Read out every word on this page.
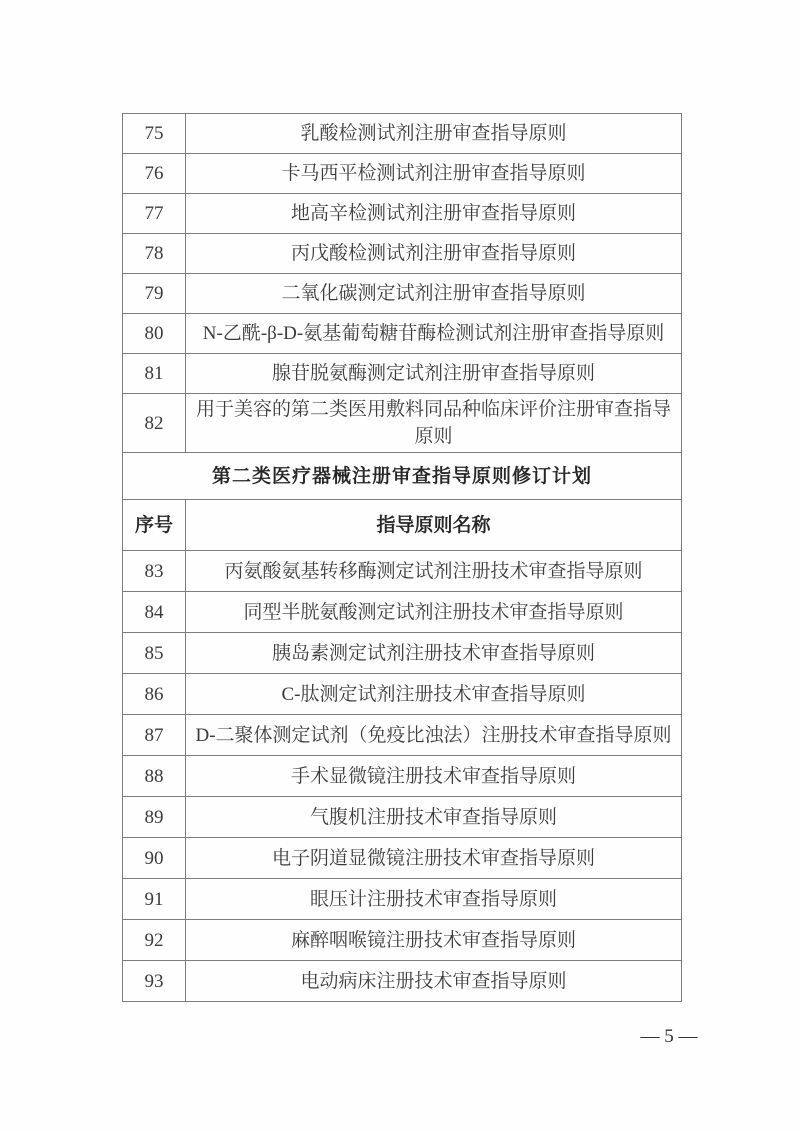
75	乳酸检测试剂注册审查指导原则
76	卡马西平检测试剂注册审查指导原则
77	地高辛检测试剂注册审查指导原则
78	丙戊酸检测试剂注册审查指导原则
79	二氧化碳测定试剂注册审查指导原则
80	N-乙酰-β-D-氨基葡萄糖苷酶检测试剂注册审查指导原则
81	腺苷脱氨酶测定试剂注册审查指导原则
82	用于美容的第二类医用敷料同品种临床评价注册审查指导原则
第二类医疗器械注册审查指导原则修订计划	
序号	指导原则名称
83	丙氨酸氨基转移酶测定试剂注册技术审查指导原则
84	同型半胱氨酸测定试剂注册技术审查指导原则
85	胰岛素测定试剂注册技术审查指导原则
86	C-肽测定试剂注册技术审查指导原则
87	D-二聚体测定试剂（免疫比浊法）注册技术审查指导原则
88	手术显微镜注册技术审查指导原则
89	气腹机注册技术审查指导原则
90	电子阴道显微镜注册技术审查指导原则
91	眼压计注册技术审查指导原则
92	麻醉咽喉镜注册技术审查指导原则
93	电动病床注册技术审查指导原则
— 5 —
